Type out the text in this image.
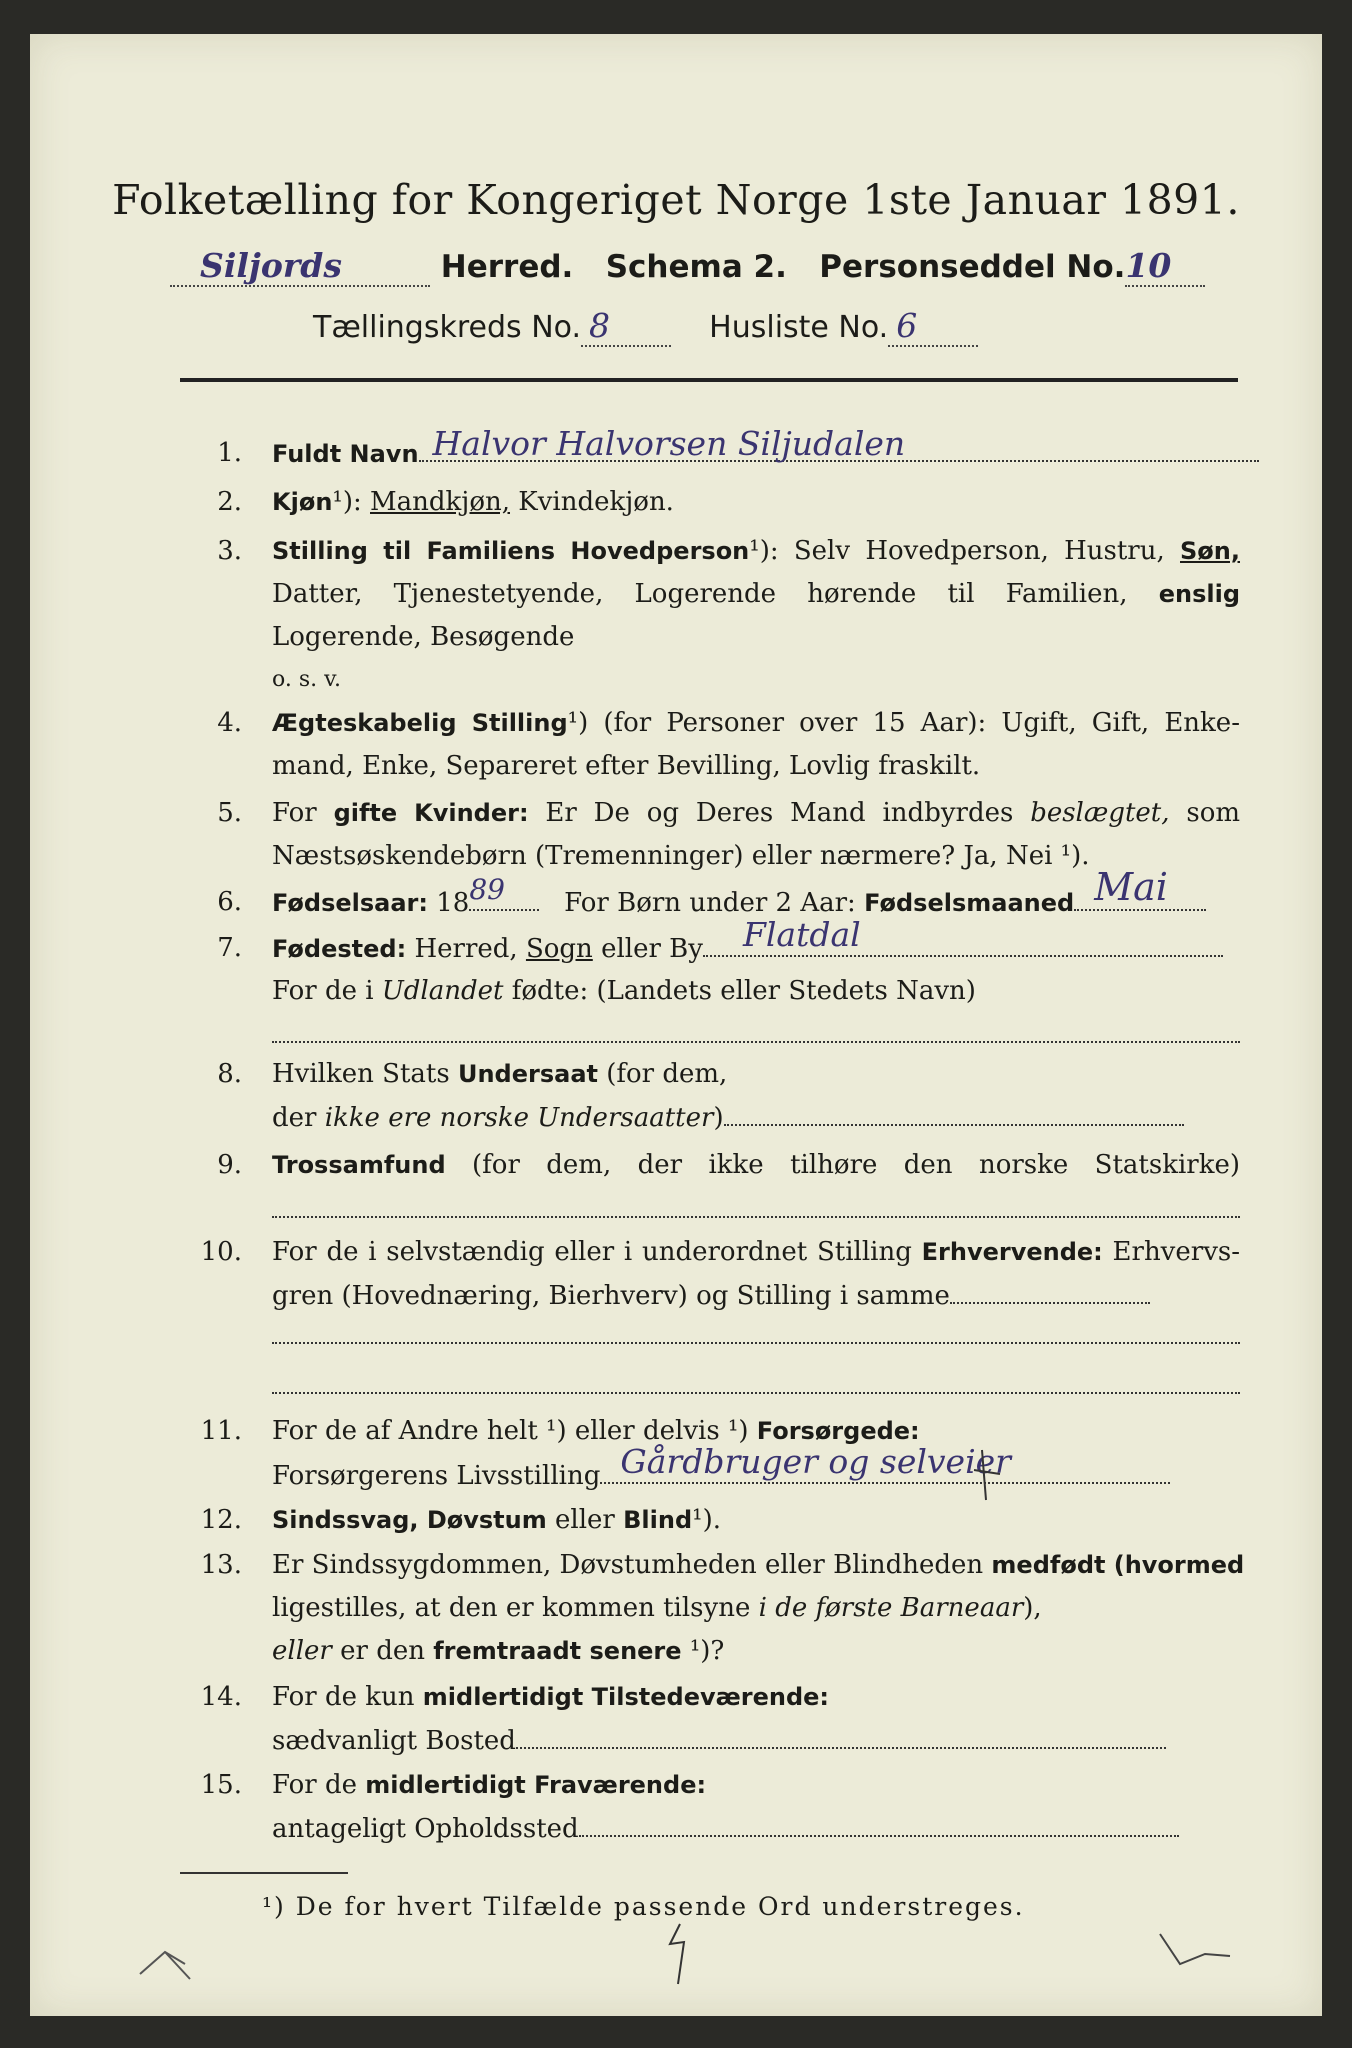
Folketælling for Kongeriget Norge 1ste Januar 1891.
Siljords	Herred. Schema 2. Personseddel No.10
Tællingskreds No. 8	Husliste No. 6
1. Fuldt Navn Halvor Halvorsen Siljudalen
2. Kjøn¹): Mandkjøn, Kvindekjøn.
3. Stilling til Familiens Hovedperson¹): Selv Hovedperson, Hustru, Søn,
Datter, Tjenestetyende, Logerende hørende til Familien, enslig
Logerende, Besøgende
o. s. v.
4. Ægteskabelig Stilling¹) (for Personer over 15 Aar): Ugift, Gift, Enke-
mand, Enke, Separeret efter Bevilling, Lovlig fraskilt.
5. For gifte Kvinder: Er De og Deres Mand indbyrdes beslægtet, som
Næstsøskendebørn (Tremenninger) eller nærmere? Ja, Nei ¹).
6. Fødselsaar: 18 89 For Børn under 2 Aar: Fødselsmaaned Mai
7. Fødested: Herred, Sogn eller By Flatdal
For de i Udlandet fødte: (Landets eller Stedets Navn)
8. Hvilken Stats Undersaat (for dem,
der ikke ere norske Undersaatter)
9. Trossamfund (for dem, der ikke tilhøre den norske Statskirke)
10. For de i selvstændig eller i underordnet Stilling Erhvervende: Erhvervs-
gren (Hovednæring, Bierhverv) og Stilling i samme
11. For de af Andre helt ¹) eller delvis ¹) Forsørgede:
Forsørgerens Livsstilling Gårdbruger og selveier
12. Sindssvag, Døvstum eller Blind¹).
13. Er Sindssygdommen, Døvstumheden eller Blindheden medfødt (hvormed
ligestilles, at den er kommen tilsyne i de første Barneaar),
eller er den fremtraadt senere ¹)?
14. For de kun midlertidigt Tilstedeværende:
sædvanligt Bosted
15. For de midlertidigt Fraværende:
antageligt Opholdssted
¹) De for hvert Tilfælde passende Ord understreges.
